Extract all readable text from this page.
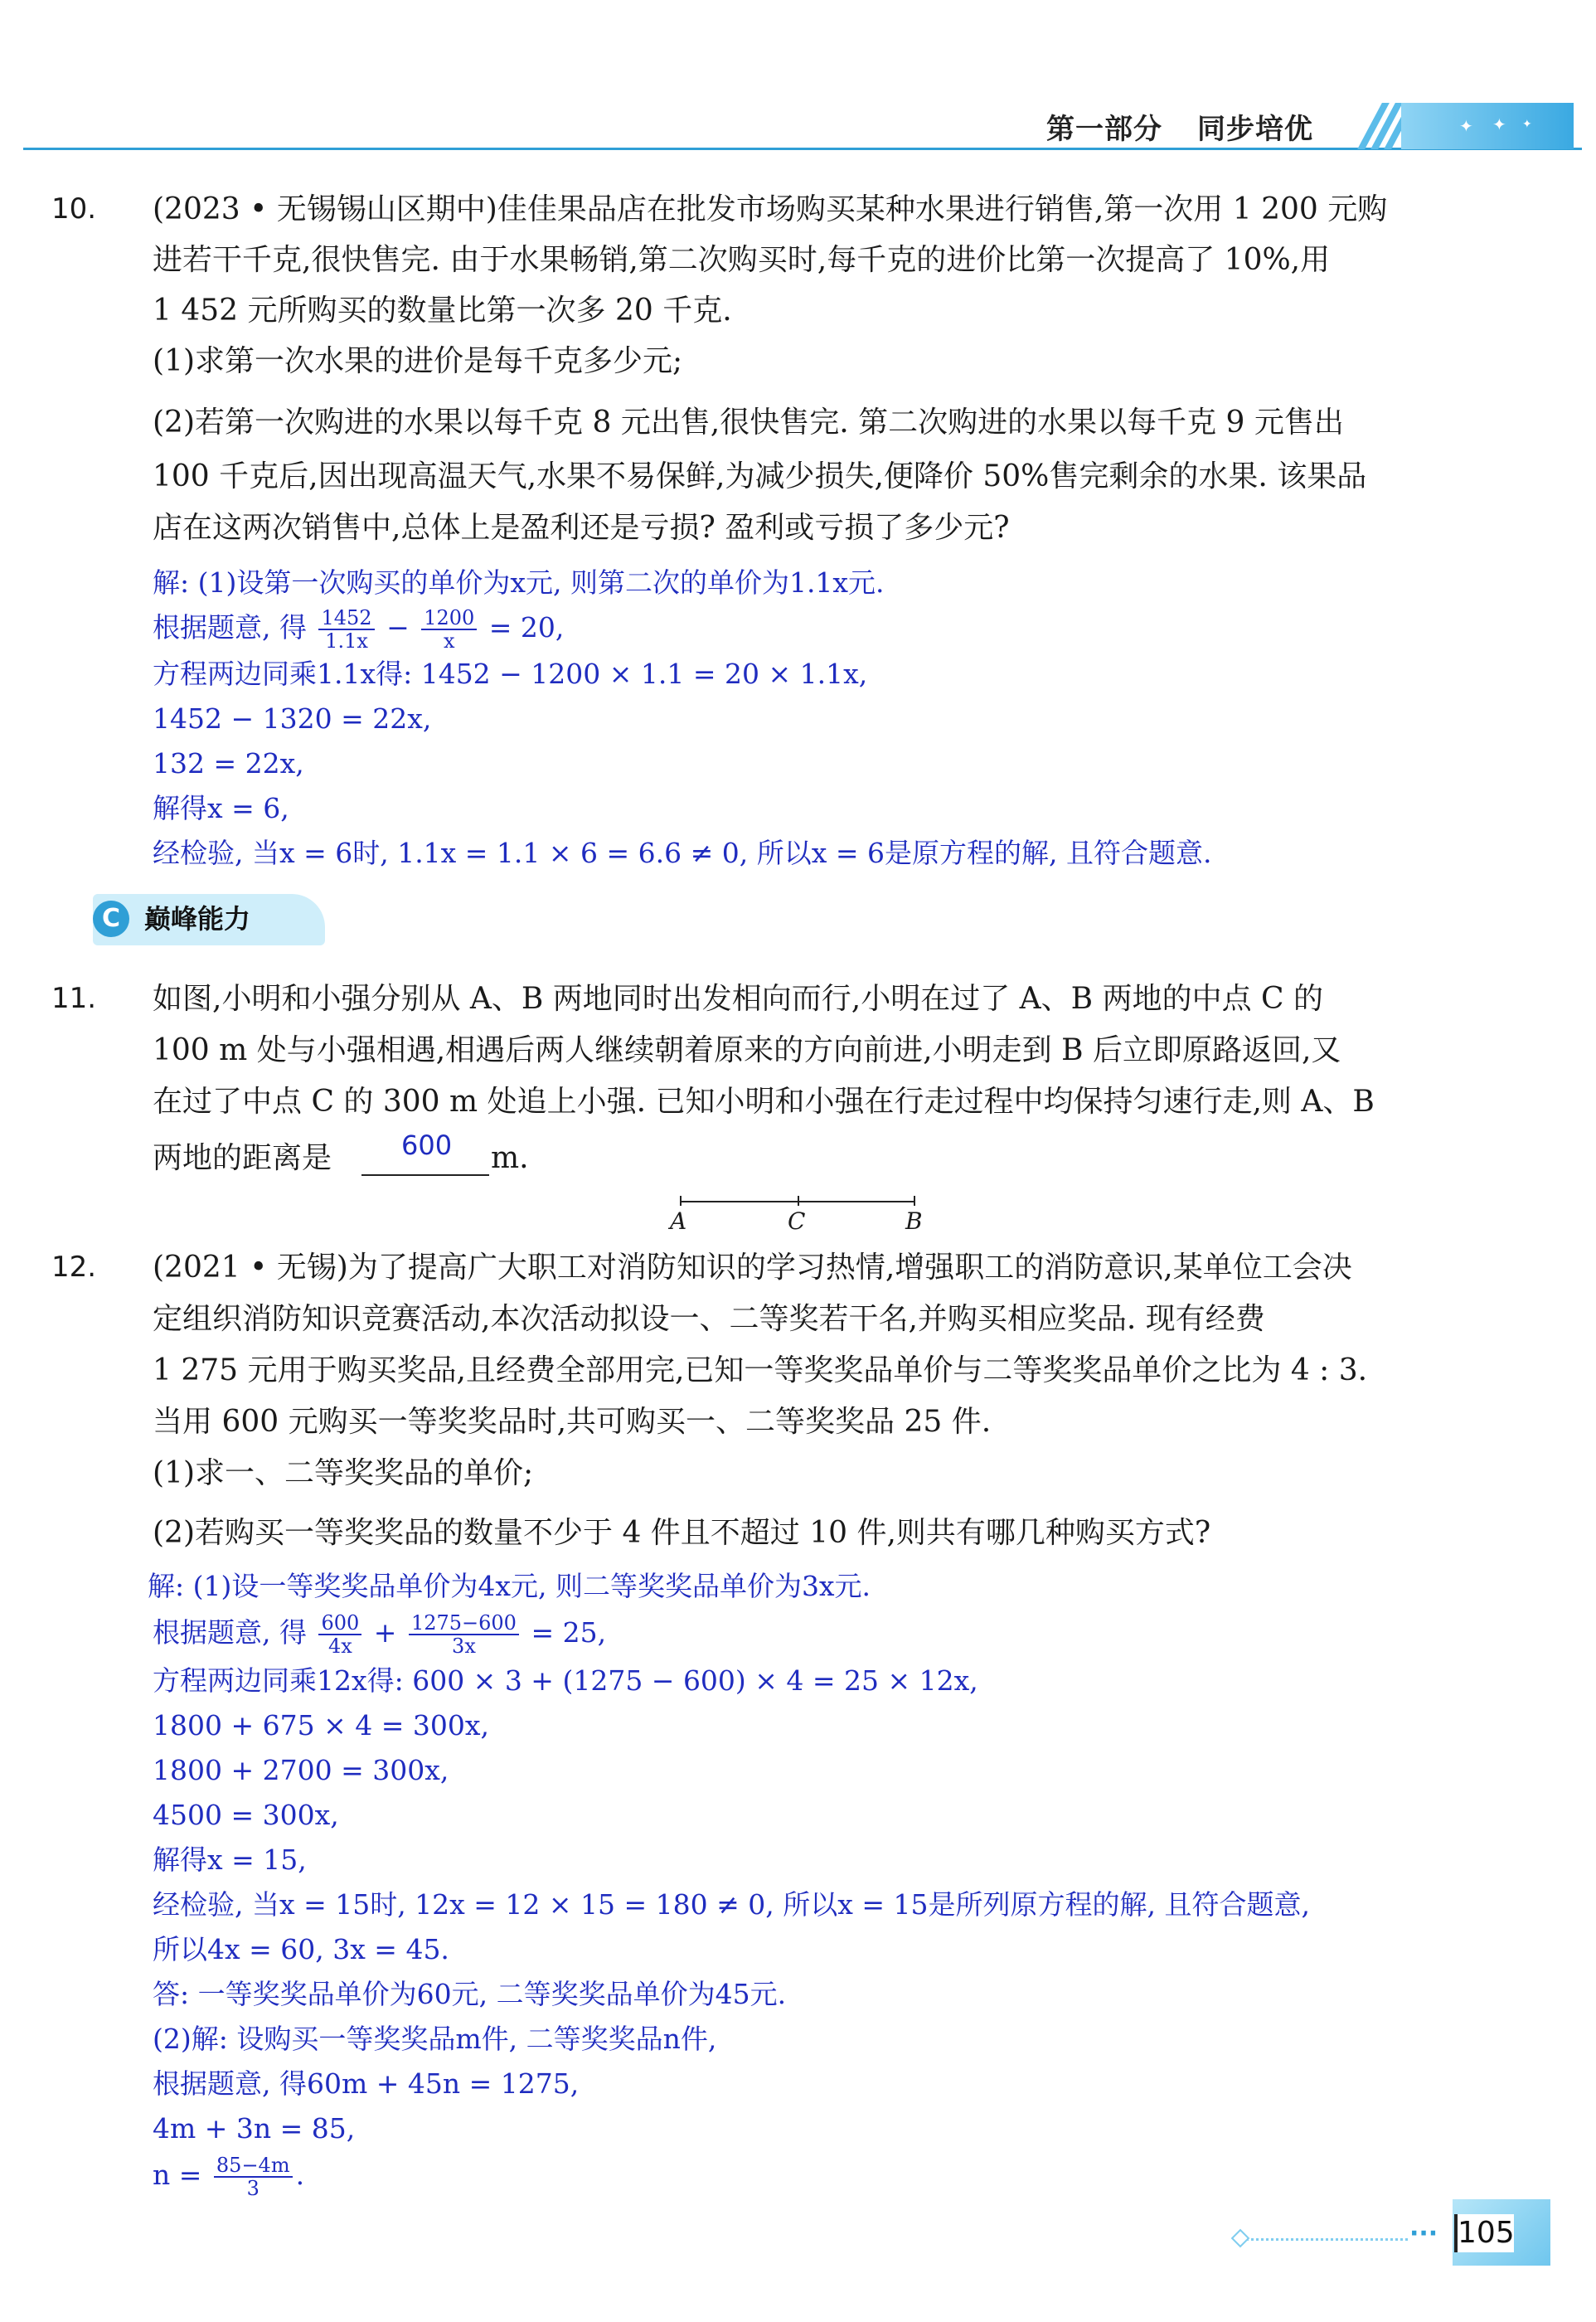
第一部分 同步培优	✦ ✦ ✦
10. (2023 • 无锡锡山区期中)佳佳果品店在批发市场购买某种水果进行销售,第一次用 1 200 元购
进若干千克,很快售完. 由于水果畅销,第二次购买时,每千克的进价比第一次提高了 10%,用
1 452 元所购买的数量比第一次多 20 千克.
(1)求第一次水果的进价是每千克多少元;
(2)若第一次购进的水果以每千克 8 元出售,很快售完. 第二次购进的水果以每千克 9 元售出
100 千克后,因出现高温天气,水果不易保鲜,为减少损失,便降价 50%售完剩余的水果. 该果品
店在这两次销售中,总体上是盈利还是亏损? 盈利或亏损了多少元?
解: (1)设第一次购买的单价为x元, 则第二次的单价为1.1x元.
根据题意, 得 $\frac{1452}{1.1x} - \frac{1200}{x} = 20$,
方程两边同乘1.1x得: 1452 − 1200 × 1.1 = 20 × 1.1x,
1452 − 1320 = 22x,
132 = 22x,
解得x = 6,
经检验, 当x = 6时, 1.1x = 1.1 × 6 = 6.6 ≠ 0, 所以x = 6是原方程的解, 且符合题意.
C 巅峰能力
11. 如图,小明和小强分别从 A、B 两地同时出发相向而行,小明在过了 A、B 两地的中点 C 的
100 m 处与小强相遇,相遇后两人继续朝着原来的方向前进,小明走到 B 后立即原路返回,又
在过了中点 C 的 300 m 处追上小强. 已知小明和小强在行走过程中均保持匀速行走,则 A、B
两地的距离是	600 m.
A	C	B
12. (2021 • 无锡)为了提高广大职工对消防知识的学习热情,增强职工的消防意识,某单位工会决
定组织消防知识竞赛活动,本次活动拟设一、二等奖若干名,并购买相应奖品. 现有经费
1 275 元用于购买奖品,且经费全部用完,已知一等奖奖品单价与二等奖奖品单价之比为 4 : 3.
当用 600 元购买一等奖奖品时,共可购买一、二等奖奖品 25 件.
(1)求一、二等奖奖品的单价;
(2)若购买一等奖奖品的数量不少于 4 件且不超过 10 件,则共有哪几种购买方式?
解: (1)设一等奖奖品单价为4x元, 则二等奖奖品单价为3x元.
根据题意, 得 $\frac{600}{4x} + \frac{1275-600}{3x} = 25$,
方程两边同乘12x得: 600 × 3 + (1275 − 600) × 4 = 25 × 12x,
1800 + 675 × 4 = 300x,
1800 + 2700 = 300x,
4500 = 300x,
解得x = 15,
经检验, 当x = 15时, 12x = 12 × 15 = 180 ≠ 0, 所以x = 15是所列原方程的解, 且符合题意,
所以4x = 60, 3x = 45.
答: 一等奖奖品单价为60元, 二等奖奖品单价为45元.
(2)解: 设购买一等奖奖品m件, 二等奖奖品n件,
根据题意, 得60m + 45n = 1275,
4m + 3n = 85,
$n = \frac{85-4m}{3}$ .
··· 105
